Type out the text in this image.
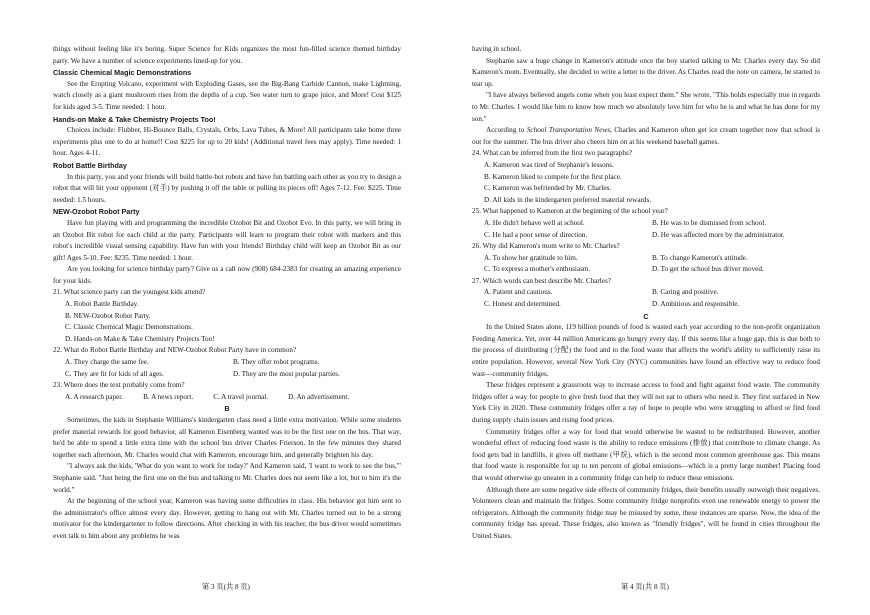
things without feeling like it's boring. Super Science for Kids organizes the most fun-filled science themed birthday party. We have a number of science experiments lined-up for you.
Classic Chemical Magic Demonstrations
See the Erupting Volcano, experiment with Exploding Gases, see the Big-Bang Carbide Cannon, make Lightning, watch closely as a giant mushroom rises from the depths of a cup. See water turn to grape juice, and More! Cost $125 for kids aged 3-5. Time needed: 1 hour.
Hands-on Make & Take Chemistry Projects Too!
Choices include: Flubber, Hi-Bounce Balls, Crystals, Orbs, Lava Tubes, & More! All participants take home three experiments plus one to do at home!! Cost $225 for up to 20 kids! (Additional travel fees may apply). Time needed: 1 hour. Ages 4-11.
Robot Battle Birthday
In this party, you and your friends will build battle-bot robots and have fun battling each other as you try to design a robot that will hit your opponent (对手) by pushing it off the table or pulling its pieces off! Ages 7-12. Fee: $225. Time needed: 1.5 hours.
NEW-Ozobot Robot Party
Have fun playing with and programming the incredible Ozobot Bit and Ozobot Evo. In this party, we will bring in an Ozobot Bit robot for each child at the party. Participants will learn to program their robot with markers and this robot's incredible visual sensing capability. Have fun with your friends! Birthday child will keep an Ozobot Bit as our gift! Ages 5-10. Fee: $235. Time needed: 1 hour.
Are you looking for science birthday party? Give us a call now (908) 684-2383 for creating an amazing experience for your kids.
21. What science party can the youngest kids attend?
A. Robot Battle Birthday.
B. NEW-Ozobot Robot Party.
C. Classic Chemical Magic Demonstrations.
D. Hands-on Make & Take Chemistry Projects Too!
22. What do Robot Battle Birthday and NEW-Ozobot Robot Party have in common?
A. They charge the same fee.	B. They offer robot programs.
C. They are fit for kids of all ages.	D. They are the most popular parties.
23. Where does the text probably come from?
A. A research paper.	B. A news report.	C. A travel journal.	D. An advertisement.
B
Sometimes, the kids in Stephanie Williams's kindergarten class need a little extra motivation. While some students prefer material rewards for good behavior, all Kameron Eisenberg wanted was to be the first one on the bus. That way, he'd be able to spend a little extra time with the school bus driver Charles Frierson. In the few minutes they shared together each afternoon, Mr. Charles would chat with Kameron, encourage him, and generally brighten his day.
"I always ask the kids, 'What do you want to work for today?' And Kameron said, 'I want to work to see the bus,'" Stephanie said. "Just being the first one on the bus and talking to Mr. Charles does not seem like a lot, but to him it's the world."
At the beginning of the school year, Kameron was having some difficulties in class. His behavior got him sent to the administrator's office almost every day. However, getting to hang out with Mr. Charles turned out to be a strong motivator for the kindergartener to follow directions. After checking in with his teacher, the bus driver would sometimes even talk to him about any problems he was
having in school.
Stephanie saw a huge change in Kameron's attitude once the boy started talking to Mr. Charles every day. So did Kameron's mom. Eventually, she decided to write a letter to the driver. As Charles read the note on camera, he started to tear up.
"I have always believed angels come when you least expect them." She wrote, "This holds especially true in regards to Mr. Charles. I would like him to know how much we absolutely love him for who he is and what he has done for my son."
According to School Transportation News, Charles and Kameron often get ice cream together now that school is out for the summer. The bus driver also cheers him on at his weekend baseball games.
24. What can be inferred from the first two paragraphs?
A. Kameron was tired of Stephanie's lessons.
B. Kameron liked to compete for the first place.
C. Kameron was befriended by Mr. Charles.
D. All kids in the kindergarten preferred material rewards.
25. What happened to Kameron at the beginning of the school year?
A. He didn't behave well at school.	B. He was to be dismissed from school.
C. He had a poor sense of direction.	D. He was affected more by the administrator.
26. Why did Kameron's mom write to Mr. Charles?
A. To show her gratitude to him.	B. To change Kameron's attitude.
C. To express a mother's enthusiasm.	D. To get the school bus driver moved.
27. Which words can best describe Mr. Charles?
A. Patient and cautious.	B. Caring and positive.
C. Honest and determined.	D. Ambitious and responsible.
C
In the United States alone, 119 billion pounds of food is wasted each year according to the non-profit organization Feeding America. Yet, over 44 million Americans go hungry every day. If this seems like a huge gap, this is due both to the process of distributing (分配) the food and to the food waste that affects the world's ability to sufficiently raise its entire population. However, several New York City (NYC) communities have found an effective way to reduce food wast—community fridges.
These fridges represent a grassroots way to increase access to food and fight against food waste. The community fridges offer a way for people to give fresh food that they will not eat to others who need it. They first surfaced in New York City in 2020. These community fridges offer a ray of hope to people who were struggling to afford or find food during supply chain issues and rising food prices.
Community fridges offer a way for food that would otherwise be wasted to be redistributed. However, another wonderful effect of reducing food waste is the ability to reduce emissions (排放) that contribute to climate change. As food gets bad in landfills, it gives off methane (甲烷), which is the second most common greenhouse gas. This means that food waste is responsible for up to ten percent of global emissions—which is a pretty large number! Placing food that would otherwise go uneaten in a community fridge can help to reduce these emissions.
Although there are some negative side effects of community fridges, their benefits usually outweigh their negatives. Volunteers clean and maintain the fridges. Some community fridge nonprofits even use renewable energy to power the refrigerators. Although the community fridge may be misused by some, these instances are sparse. Now, the idea of the community fridge has spread. These fridges, also known as "friendly fridges", will be found in cities throughout the United States.
第 3 页(共 8 页)	第 4 页(共 8 页)
